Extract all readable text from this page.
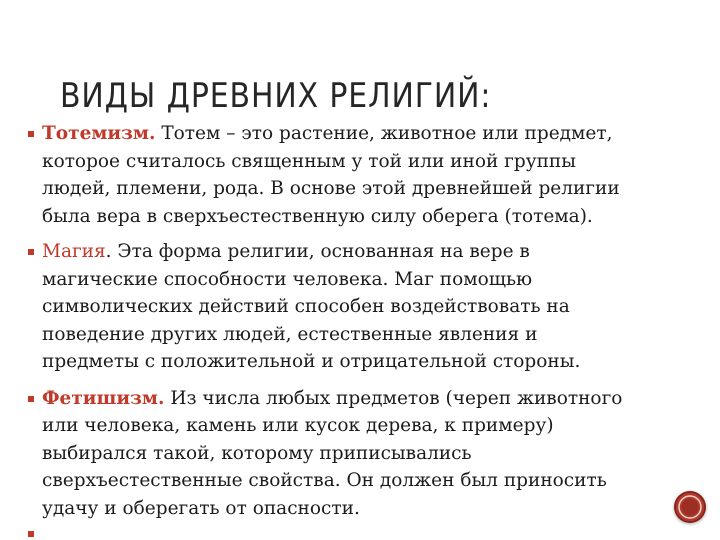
ВИДЫ ДРЕВНИХ РЕЛИГИЙ:
Тотемизм. Тотем – это растение, животное или предмет,
которое считалось священным у той или иной группы
людей, племени, рода. В основе этой древнейшей религии
была вера в сверхъестественную силу оберега (тотема).
Магия. Эта форма религии, основанная на вере в
магические способности человека. Маг помощью
символических действий способен воздействовать на
поведение других людей, естественные явления и
предметы с положительной и отрицательной стороны.
Фетишизм. Из числа любых предметов (череп животного
или человека, камень или кусок дерева, к примеру)
выбирался такой, которому приписывались
сверхъестественные свойства. Он должен был приносить
удачу и оберегать от опасности.
